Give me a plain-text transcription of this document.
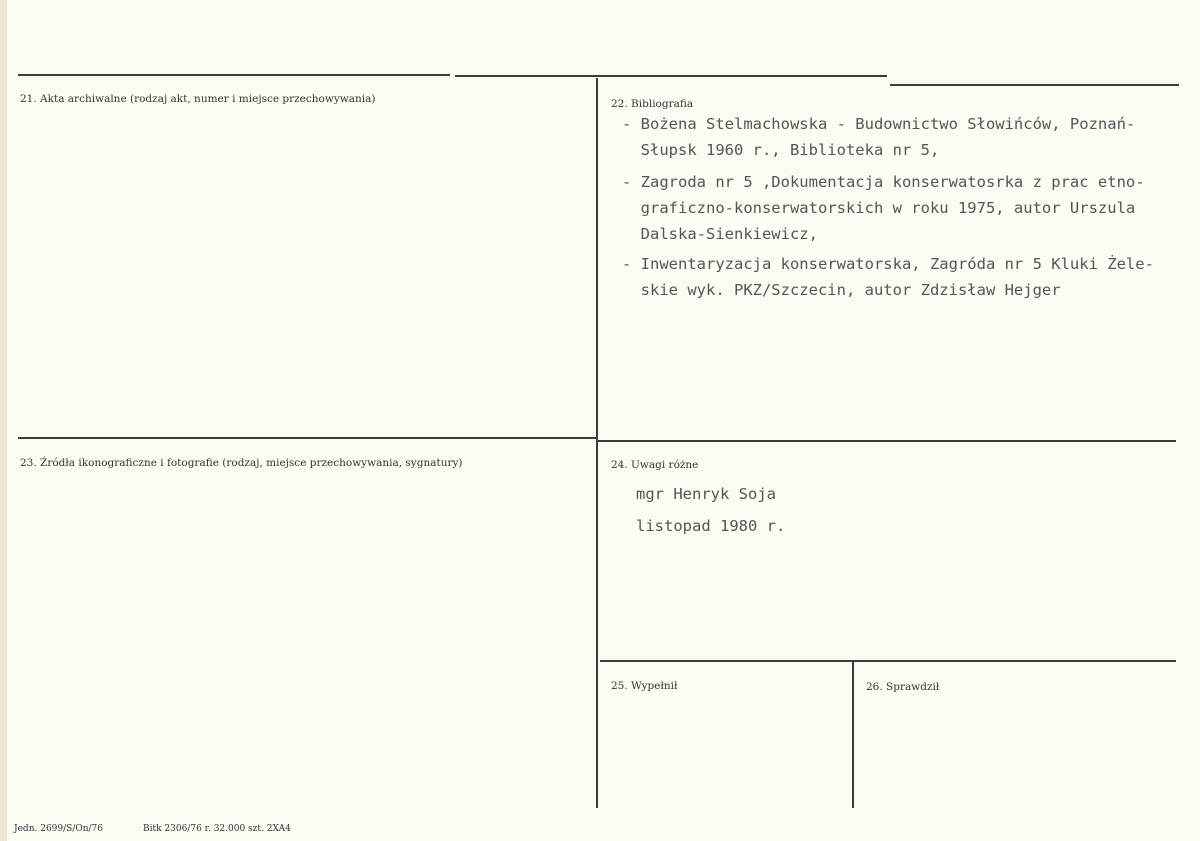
21. Akta archiwalne (rodzaj akt, numer i miejsce przechowywania)	22. Bibliografia
- Bożena Stelmachowska - Budownictwo Słowińców, Poznań-
Słupsk 1960 r., Biblioteka nr 5,
- Zagroda nr 5 ,Dokumentacja konserwatosrka z prac etno-
graficzno-konserwatorskich w roku 1975, autor Urszula
Dalska-Sienkiewicz,
- Inwentaryzacja konserwatorska, Zagróda nr 5 Kluki Żele-
skie wyk. PKZ/Szczecin, autor Zdzisław Hejger
23. Źródła ikonograficzne i fotografie (rodzaj, miejsce przechowywania, sygnatury)	24. Uwagi różne
mgr Henryk Soja
listopad 1980 r.
25. Wypełnił	26. Sprawdził
Jedn. 2699/S/On/76	Bitk 2306/76 r. 32.000 szt. 2XA4
